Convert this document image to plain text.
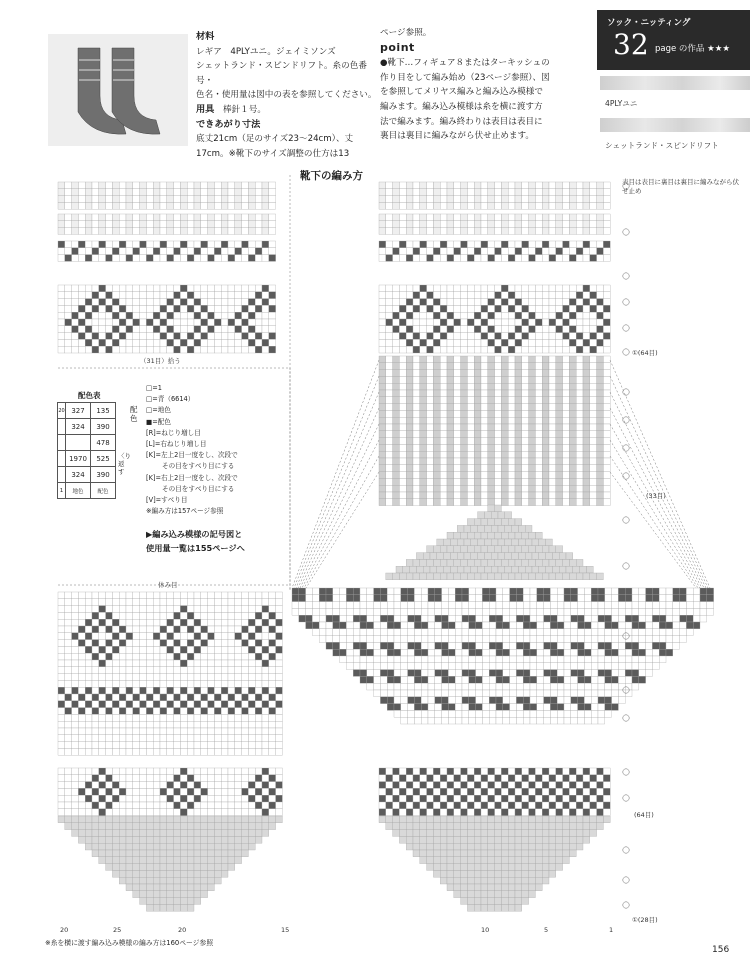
材料
レギア　4PLYユニ。ジェイミソンズ
シェットランド・スピンドリフト。糸の色番号・
色名・使用量は図中の表を参照してください。
用具　 棒針１号。
できあがり寸法
底丈21cm（足のサイズ23～24cm）、丈
17cm。※靴下のサイズ調整の仕方は13
ページ参照。
point
●靴下…フィギュア８またはターキッシュの
作り目をして編み始め（23ページ参照）、図
を参照してメリヤス編みと編み込み模様で
編みます。編み込み模様は糸を横に渡す方
法で編みます。編み終わりは表目は表目に
裏目は裏目に編みながら伏せ止めます。
ソック・ニッティング
32 page の作品 ★★★
4PLYユニ
シェットランド・スピンドリフト
靴下の編み方	表目は表目に裏目は裏目に編みながら伏せ止め
（31目）拾う
①(64目)
(33目)
(64目)
①(28目)
休み目
配色表
配色
〈り返す
20	327	135
	324	390
		478
	1970	525
	324	390
1	地色	配色
□=1
□=青（6614）
□=地色
■=配色
[R]=ねじり増し目
[L]=右ねじり増し目
[K]=左上2目一度をし、次段で
その目をすべり目にする
[K]=右上2目一度をし、次段で
その目をすべり目にする
[V]=すべり目
※編み方は157ページ参照
▶編み込み模様の記号図と
使用量一覧は155ページへ
20	25	20	15	10	5	1
※糸を横に渡す編み込み模様の編み方は160ページ参照
156
